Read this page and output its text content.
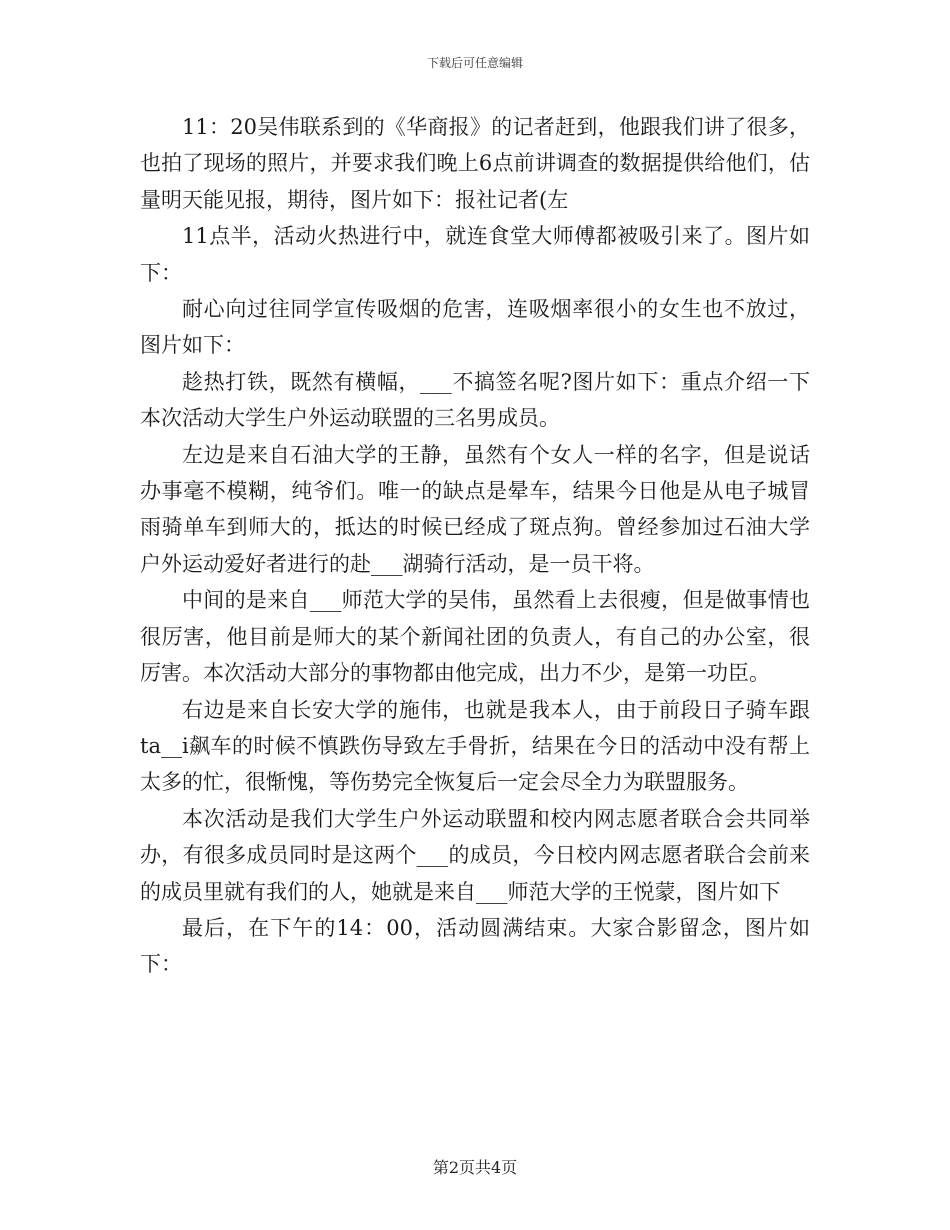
下载后可任意编辑

11：20吴伟联系到的《华商报》的记者赶到，他跟我们讲了很多，也拍了现场的照片，并要求我们晚上6点前讲调查的数据提供给他们，估量明天能见报，期待，图片如下：报社记者(左

11点半，活动火热进行中，就连食堂大师傅都被吸引来了。图片如下：

耐心向过往同学宣传吸烟的危害，连吸烟率很小的女生也不放过，图片如下：

趁热打铁，既然有横幅，___不搞签名呢?图片如下：重点介绍一下本次活动大学生户外运动联盟的三名男成员。

左边是来自石油大学的王静，虽然有个女人一样的名字，但是说话办事毫不模糊，纯爷们。唯一的缺点是晕车，结果今日他是从电子城冒雨骑单车到师大的，抵达的时候已经成了斑点狗。曾经参加过石油大学户外运动爱好者进行的赴___湖骑行活动，是一员干将。

中间的是来自___师范大学的吴伟，虽然看上去很瘦，但是做事情也很厉害，他目前是师大的某个新闻社团的负责人，有自己的办公室，很厉害。本次活动大部分的事物都由他完成，出力不少，是第一功臣。

右边是来自长安大学的施伟，也就是我本人，由于前段日子骑车跟ta__i飙车的时候不慎跌伤导致左手骨折，结果在今日的活动中没有帮上太多的忙，很惭愧，等伤势完全恢复后一定会尽全力为联盟服务。

本次活动是我们大学生户外运动联盟和校内网志愿者联合会共同举办，有很多成员同时是这两个___的成员，今日校内网志愿者联合会前来的成员里就有我们的人，她就是来自___师范大学的王悦蒙，图片如下

最后，在下午的14：00，活动圆满结束。大家合影留念，图片如下：

第2页共4页
